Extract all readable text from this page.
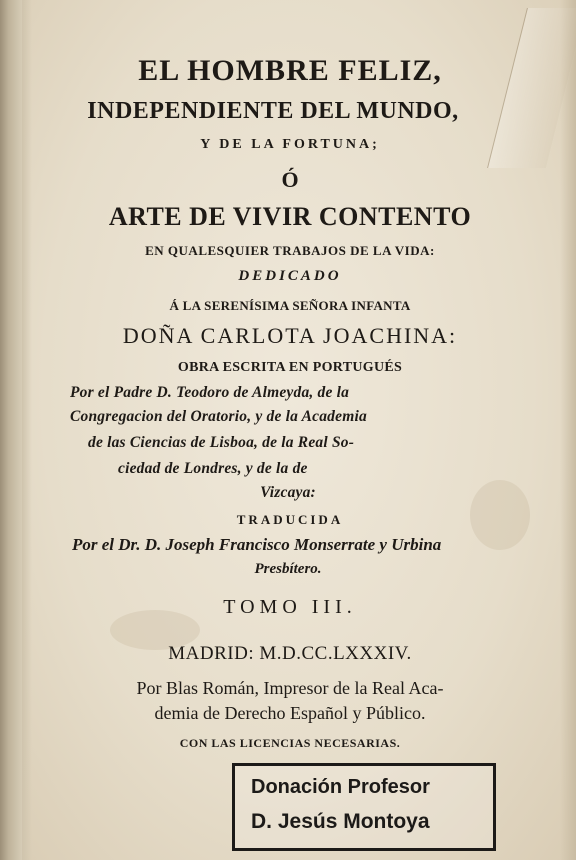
EL HOMBRE FELIZ,
INDEPENDIENTE DEL MUNDO,
Y DE LA FORTUNA;
Ó
ARTE DE VIVIR CONTENTO
EN QUALESQUIER TRABAJOS DE LA VIDA:
DEDICADO
Á LA SERENÍSIMA SEÑORA INFANTA
DOÑA CARLOTA JOACHINA:
OBRA ESCRITA EN PORTUGUÉS
Por el Padre D. Teodoro de Almeyda, de la
Congregacion del Oratorio, y de la Academia
de las Ciencias de Lisboa, de la Real So-
ciedad de Londres, y de la de
Vizcaya:
TRADUCIDA
Por el Dr. D. Joseph Francisco Monserrate y Urbina
Presbítero.
TOMO III.
MADRID: M.D.CC.LXXXIV.
Por Blas Román, Impresor de la Real Aca-
demia de Derecho Español y Público.
CON LAS LICENCIAS NECESARIAS.
Donación Profesor
D. Jesús Montoya
